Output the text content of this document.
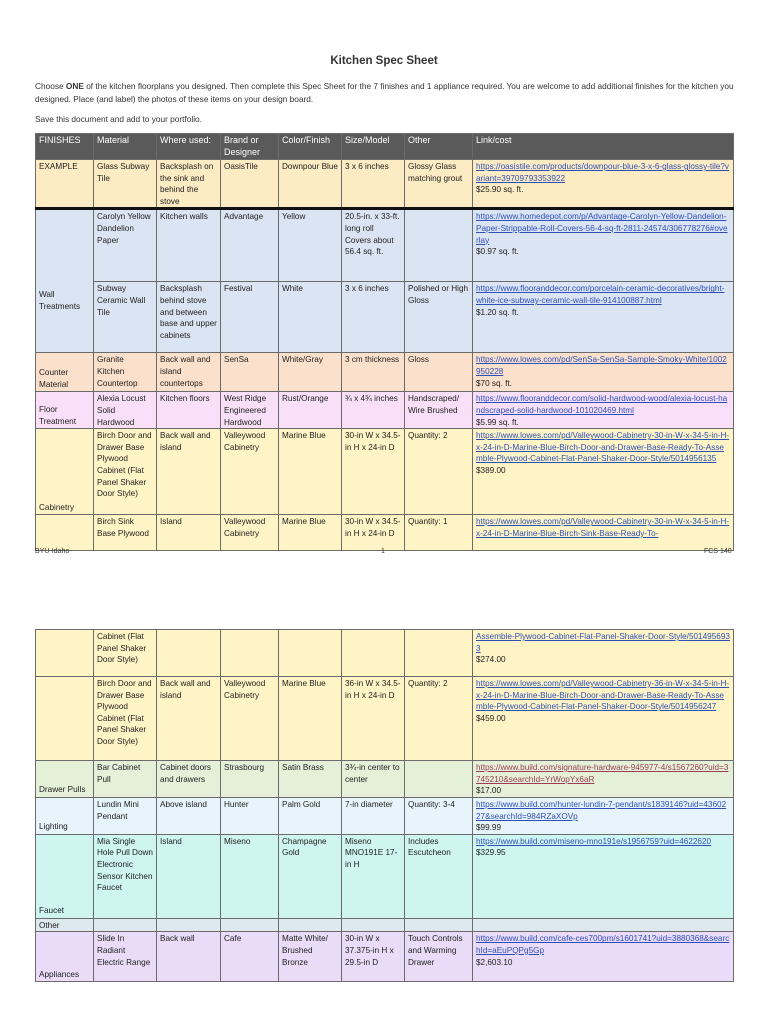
Kitchen Spec Sheet
Choose ONE of the kitchen floorplans you designed. Then complete this Spec Sheet for the 7 finishes and 1 appliance required. You are welcome to add additional finishes for the kitchen you designed. Place (and label) the photos of these items on your design board.
Save this document and add to your portfolio.
FINISHES	Material	Where used:	Brand or Designer	Color/Finish	Size/Model	Other	Link/cost
EXAMPLE	Glass Subway Tile	Backsplash on the sink and behind the stove	OasisTile	Downpour Blue	3 x 6 inches	Glossy Glass matching grout	https://oasistile.com/products/downpour-blue-3-x-6-glass-glossy-tile?variant=39709793353922
$25.90 sq. ft.

Wall Treatments	Carolyn Yellow Dandelion Paper	Kitchen walls	Advantage	Yellow	20.5-in. x 33-ft. long roll Covers about 56.4 sq. ft.		https://www.homedepot.com/p/Advantage-Carolyn-Yellow-Dandelion-Paper-Strippable-Roll-Covers-56-4-sq-ft-2811-24574/306778276#overlay
$0.97 sq. ft.

	Subway Ceramic Wall Tile	Backsplash behind stove and between base and upper cabinets	Festival	White	3 x 6 inches	Polished or High Gloss	https://www.flooranddecor.com/porcelain-ceramic-decoratives/bright-white-ice-subway-ceramic-wall-tile-914100887.html
$1.20 sq. ft.

Counter Material	Granite Kitchen Countertop	Back wall and island countertops	SenSa	White/Gray	3 cm thickness	Gloss	https://www.lowes.com/pd/SenSa-SenSa-Sample-Smoky-White/1002950228
$70 sq. ft.

Floor Treatment	Alexia Locust Solid Hardwood	Kitchen floors	West Ridge Engineered Hardwood	Rust/Orange	¾ x 4¾ inches	Handscraped/ Wire Brushed	https://www.flooranddecor.com/solid-hardwood-wood/alexia-locust-handscraped-solid-hardwood-101020469.html
$5.99 sq. ft.

Cabinetry	Birch Door and Drawer Base Plywood Cabinet (Flat Panel Shaker Door Style)	Back wall and island	Valleywood Cabinetry	Marine Blue	30-in W x 34.5-in H x 24-in D	Quantity: 2	https://www.lowes.com/pd/Valleywood-Cabinetry-30-in-W-x-34-5-in-H-x-24-in-D-Marine-Blue-Birch-Door-and-Drawer-Base-Ready-To-Assemble-Plywood-Cabinet-Flat-Panel-Shaker-Door-Style/5014956135
$389.00

	Birch Sink Base Plywood	Island	Valleywood Cabinetry	Marine Blue	30-in W x 34.5-in H x 24-in D	Quantity: 1	https://www.lowes.com/pd/Valleywood-Cabinetry-30-in-W-x-34-5-in-H-x-24-in-D-Marine-Blue-Birch-Sink-Base-Ready-To-
BYU-Idaho	1	FCS 140
	Cabinet (Flat Panel Shaker Door Style)						Assemble-Plywood-Cabinet-Flat-Panel-Shaker-Door-Style/5014956933
$274.00

	Birch Door and Drawer Base Plywood Cabinet (Flat Panel Shaker Door Style)	Back wall and island	Valleywood Cabinetry	Marine Blue	36-in W x 34.5-in H x 24-in D	Quantity: 2	https://www.lowes.com/pd/Valleywood-Cabinetry-36-in-W-x-34-5-in-H-x-24-in-D-Marine-Blue-Birch-Door-and-Drawer-Base-Ready-To-Assemble-Plywood-Cabinet-Flat-Panel-Shaker-Door-Style/5014956247
$459.00

Drawer Pulls	Bar Cabinet Pull	Cabinet doors and drawers	Strasbourg	Satin Brass	3¾-in center to center		https://www.build.com/signature-hardware-945977-4/s1567260?uid=3745210&searchId=YrWopYx6aR
$17.00

Lighting	Lundin Mini Pendant	Above island	Hunter	Palm Gold	7-in diameter	Quantity: 3-4	https://www.build.com/hunter-lundin-7-pendant/s1839146?uid=4360227&searchId=984RZaXOVp
$99.99

Faucet	Mia Single Hole Pull Down Electronic Sensor Kitchen Faucet	Island	Miseno	Champagne Gold	Miseno MNO191E 17-in H	Includes Escutcheon	https://www.build.com/miseno-mno191e/s1956759?uid=4622620
$329.95

Other							
Appliances	Slide In Radiant Electric Range	Back wall	Cafe	Matte White/ Brushed Bronze	30-in W x 37.375-in H x 29.5-in D	Touch Controls and Warming Drawer	https://www.build.com/cafe-ces700pm/s1601741?uid=3880368&searchId=aEuPQPg5Gp
$2,603.10
